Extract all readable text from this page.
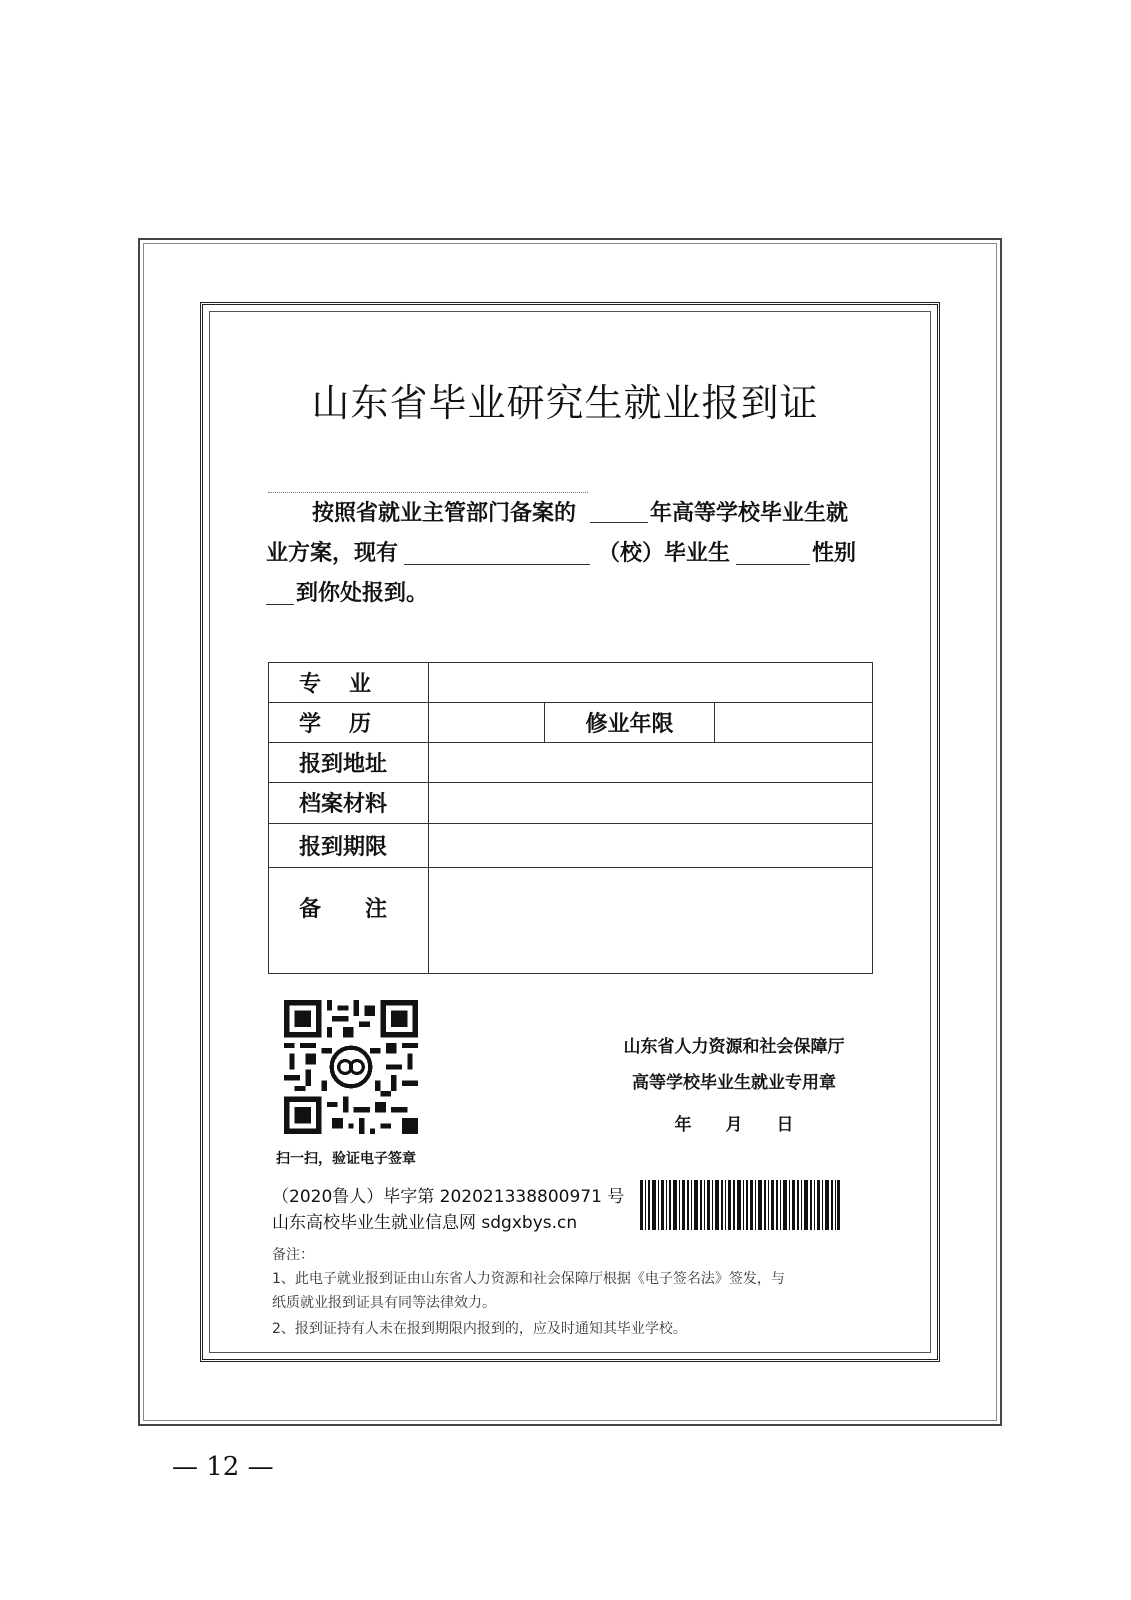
山东省毕业研究生就业报到证
按照省就业主管部门备案的	年高等学校毕业生就
业方案，现有	（校）毕业生	性别
到你处报到。
专业			
学历		修业年限	
报到地址			
档案材料			
报到期限			
备注			
扫一扫，验证电子签章
山东省人力资源和社会保障厅
高等学校毕业生就业专用章
年　　月　　日
（2020鲁人）毕字第 202021338800971 号
山东高校毕业生就业信息网 sdgxbys.cn
备注：
1、此电子就业报到证由山东省人力资源和社会保障厅根据《电子签名法》签发，与
纸质就业报到证具有同等法律效力。
2、报到证持有人未在报到期限内报到的，应及时通知其毕业学校。
— 12 —
